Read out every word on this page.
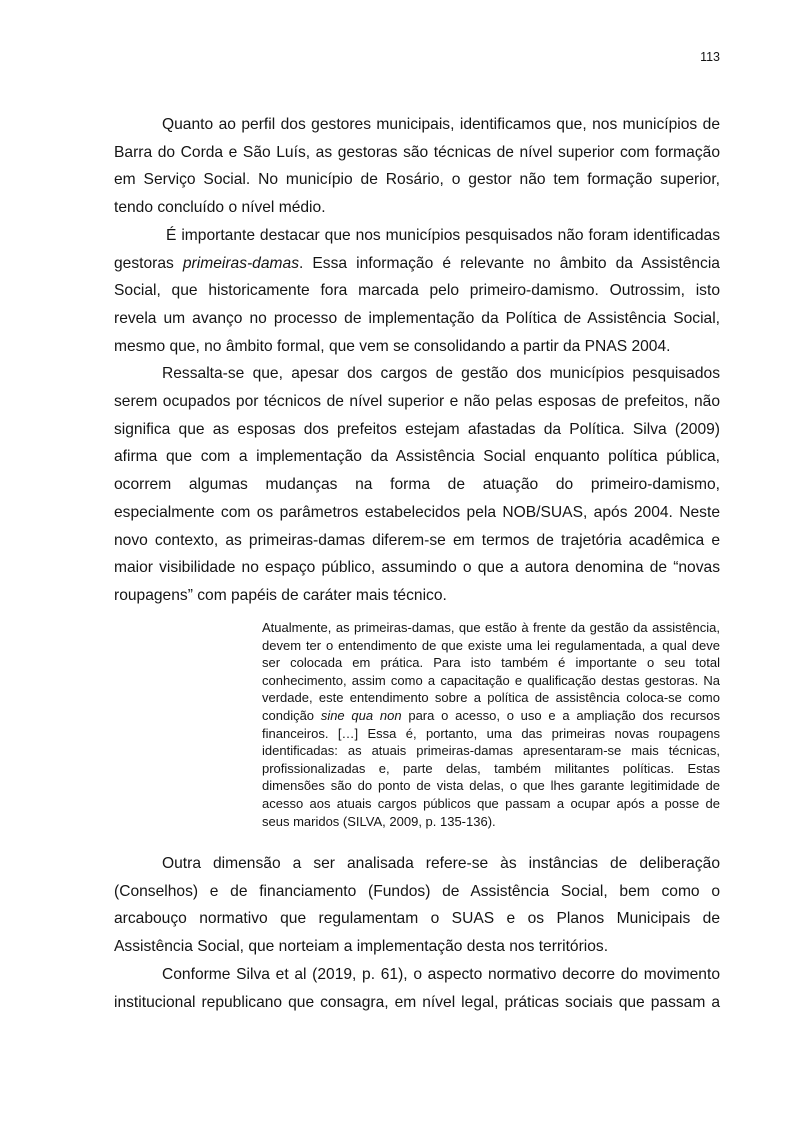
113
Quanto ao perfil dos gestores municipais, identificamos que, nos municípios de
Barra do Corda e São Luís, as gestoras são técnicas de nível superior com formação
em Serviço Social. No município de Rosário, o gestor não tem formação superior,
tendo concluído o nível médio.
É importante destacar que nos municípios pesquisados não foram identificadas
gestoras primeiras-damas. Essa informação é relevante no âmbito da Assistência
Social, que historicamente fora marcada pelo primeiro-damismo. Outrossim, isto
revela um avanço no processo de implementação da Política de Assistência Social,
mesmo que, no âmbito formal, que vem se consolidando a partir da PNAS 2004.
Ressalta-se que, apesar dos cargos de gestão dos municípios pesquisados
serem ocupados por técnicos de nível superior e não pelas esposas de prefeitos, não
significa que as esposas dos prefeitos estejam afastadas da Política. Silva (2009)
afirma que com a implementação da Assistência Social enquanto política pública,
ocorrem algumas mudanças na forma de atuação do primeiro-damismo,
especialmente com os parâmetros estabelecidos pela NOB/SUAS, após 2004. Neste
novo contexto, as primeiras-damas diferem-se em termos de trajetória acadêmica e
maior visibilidade no espaço público, assumindo o que a autora denomina de “novas
roupagens” com papéis de caráter mais técnico.
Atualmente, as primeiras-damas, que estão à frente da gestão da assistência,
devem ter o entendimento de que existe uma lei regulamentada, a qual deve
ser colocada em prática. Para isto também é importante o seu total
conhecimento, assim como a capacitação e qualificação destas gestoras. Na
verdade, este entendimento sobre a política de assistência coloca-se como
condição sine qua non para o acesso, o uso e a ampliação dos recursos
financeiros. […] Essa é, portanto, uma das primeiras novas roupagens
identificadas: as atuais primeiras-damas apresentaram-se mais técnicas,
profissionalizadas e, parte delas, também militantes políticas. Estas
dimensões são do ponto de vista delas, o que lhes garante legitimidade de
acesso aos atuais cargos públicos que passam a ocupar após a posse de
seus maridos (SILVA, 2009, p. 135-136).
Outra dimensão a ser analisada refere-se às instâncias de deliberação
(Conselhos) e de financiamento (Fundos) de Assistência Social, bem como o
arcabouço normativo que regulamentam o SUAS e os Planos Municipais de
Assistência Social, que norteiam a implementação desta nos territórios.
Conforme Silva et al (2019, p. 61), o aspecto normativo decorre do movimento
institucional republicano que consagra, em nível legal, práticas sociais que passam a
